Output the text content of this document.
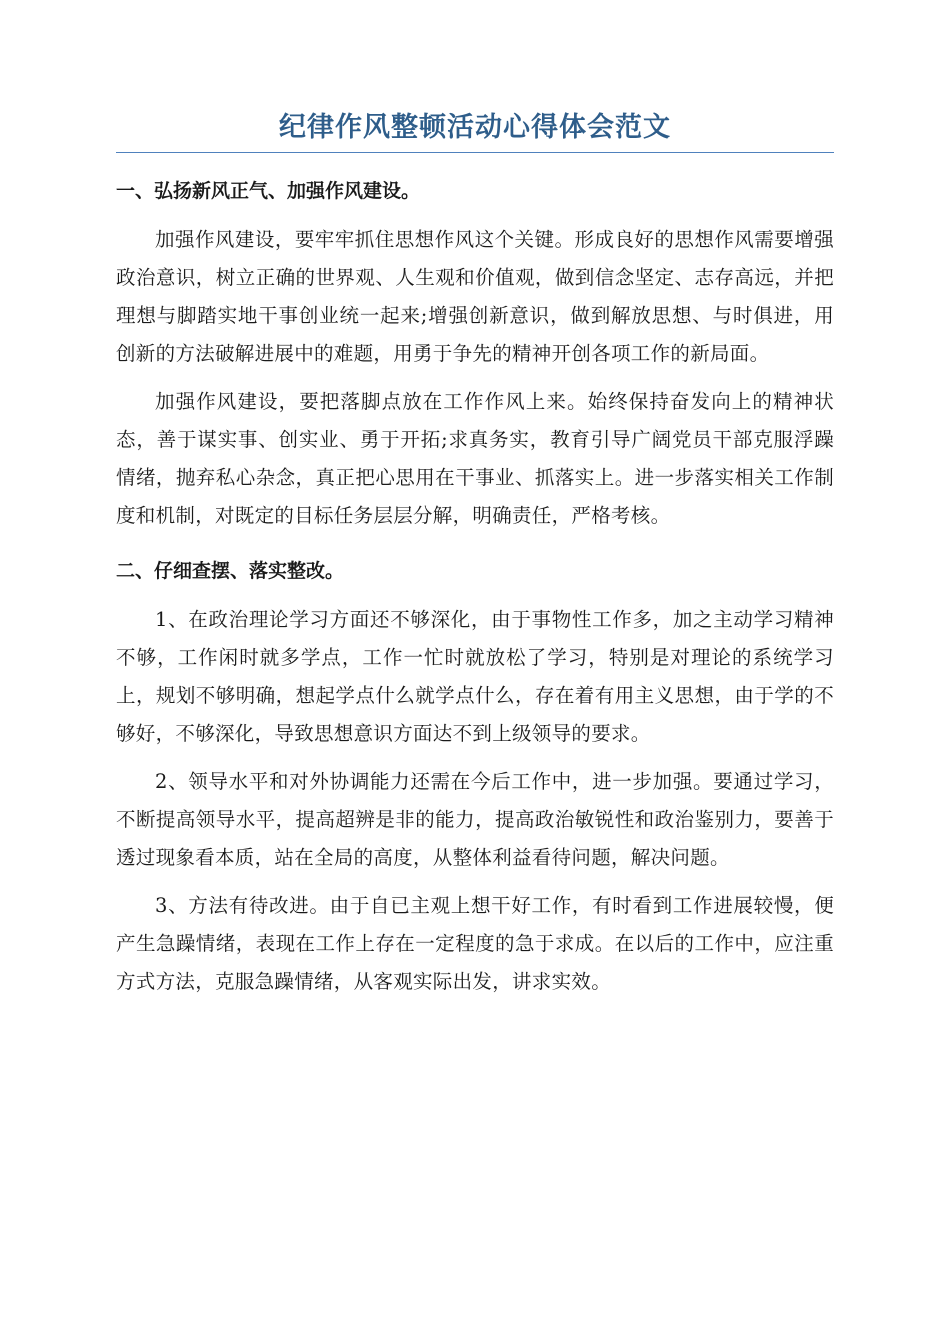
纪律作风整顿活动心得体会范文
一、弘扬新风正气、加强作风建设。

加强作风建设，要牢牢抓住思想作风这个关键。形成良好的思想作风需要增强政治意识，树立正确的世界观、人生观和价值观，做到信念坚定、志存高远，并把理想与脚踏实地干事创业统一起来;增强创新意识，做到解放思想、与时俱进，用创新的方法破解进展中的难题，用勇于争先的精神开创各项工作的新局面。

加强作风建设，要把落脚点放在工作作风上来。始终保持奋发向上的精神状态，善于谋实事、创实业、勇于开拓;求真务实，教育引导广阔党员干部克服浮躁情绪，抛弃私心杂念，真正把心思用在干事业、抓落实上。进一步落实相关工作制度和机制，对既定的目标任务层层分解，明确责任，严格考核。

二、仔细查摆、落实整改。

1、在政治理论学习方面还不够深化，由于事物性工作多，加之主动学习精神不够，工作闲时就多学点，工作一忙时就放松了学习，特别是对理论的系统学习上，规划不够明确，想起学点什么就学点什么，存在着有用主义思想，由于学的不够好，不够深化，导致思想意识方面达不到上级领导的要求。

2、领导水平和对外协调能力还需在今后工作中，进一步加强。要通过学习，不断提高领导水平，提高超辨是非的能力，提高政治敏锐性和政治鉴别力，要善于透过现象看本质，站在全局的高度，从整体利益看待问题，解决问题。

3、方法有待改进。由于自已主观上想干好工作，有时看到工作进展较慢，便产生急躁情绪，表现在工作上存在一定程度的急于求成。在以后的工作中，应注重方式方法，克服急躁情绪，从客观实际出发，讲求实效。
